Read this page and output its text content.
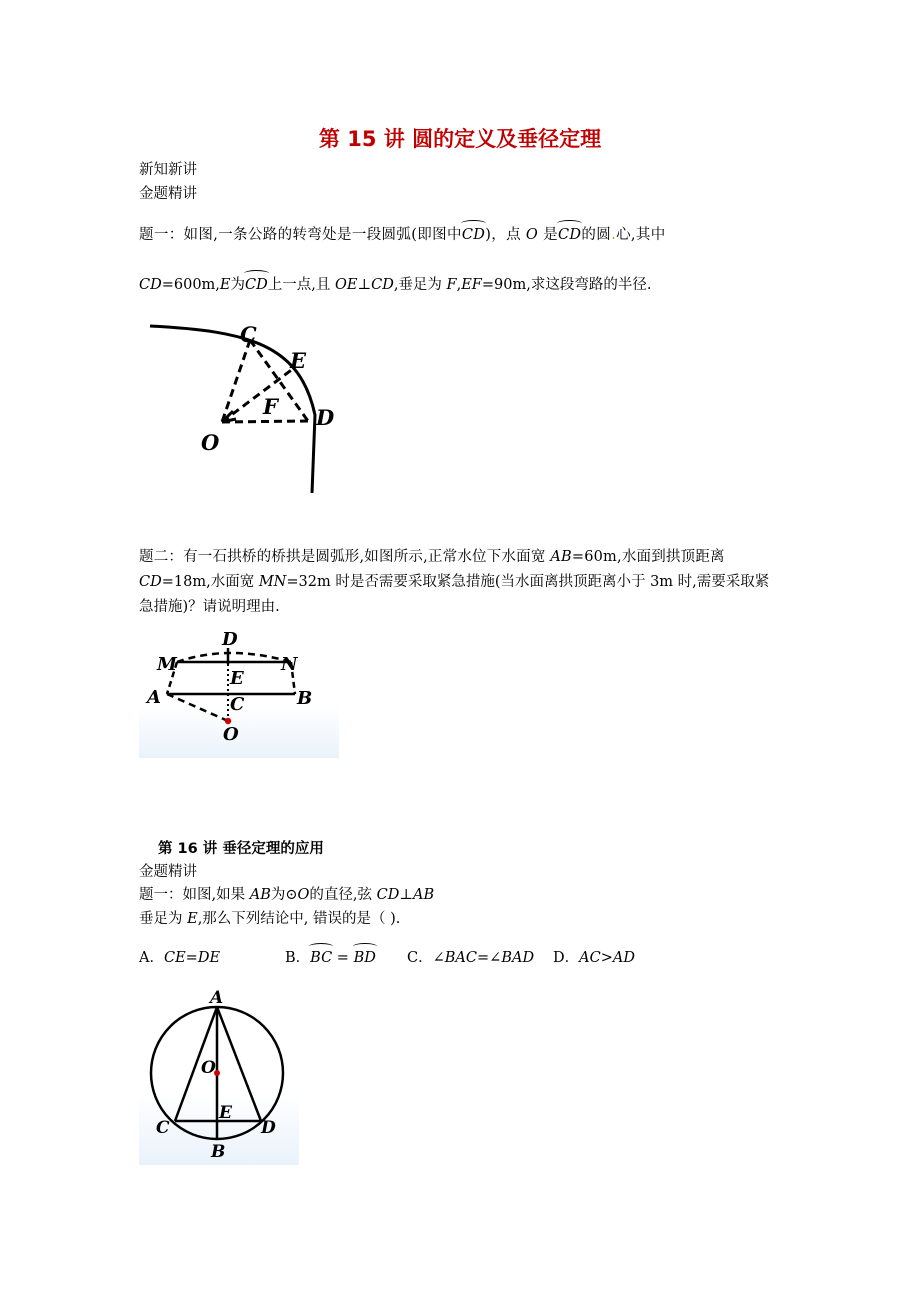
第 15 讲 圆的定义及垂径定理
新知新讲
金题精讲
题一：如图,一条公路的转弯处是一段圆弧(即图中CD)，点 O 是CD的圆.心,其中
CD=600m,E为CD上一点,且 OE⊥CD,垂足为 F,EF=90m,求这段弯路的半径.
C
E
F D
O
题二：有一石拱桥的桥拱是圆弧形,如图所示,正常水位下水面宽 AB=60m,水面到拱顶距离
CD=18m,水面宽 MN=32m 时是否需要采取紧急措施(当水面离拱顶距离小于 3m 时,需要采取紧
急措施)？请说明理由.
D
M	N
E
A	B
C
O
第 16 讲 垂径定理的应用
金题精讲
题一：如图,如果 AB为⊙O的直径,弦 CD⊥AB
垂足为 E,那么下列结论中, 错误的是（ ).
A．CE=DE	B．BC = BD C．∠BAC=∠BAD D．AC>AD
A
O
E
C	D
B
